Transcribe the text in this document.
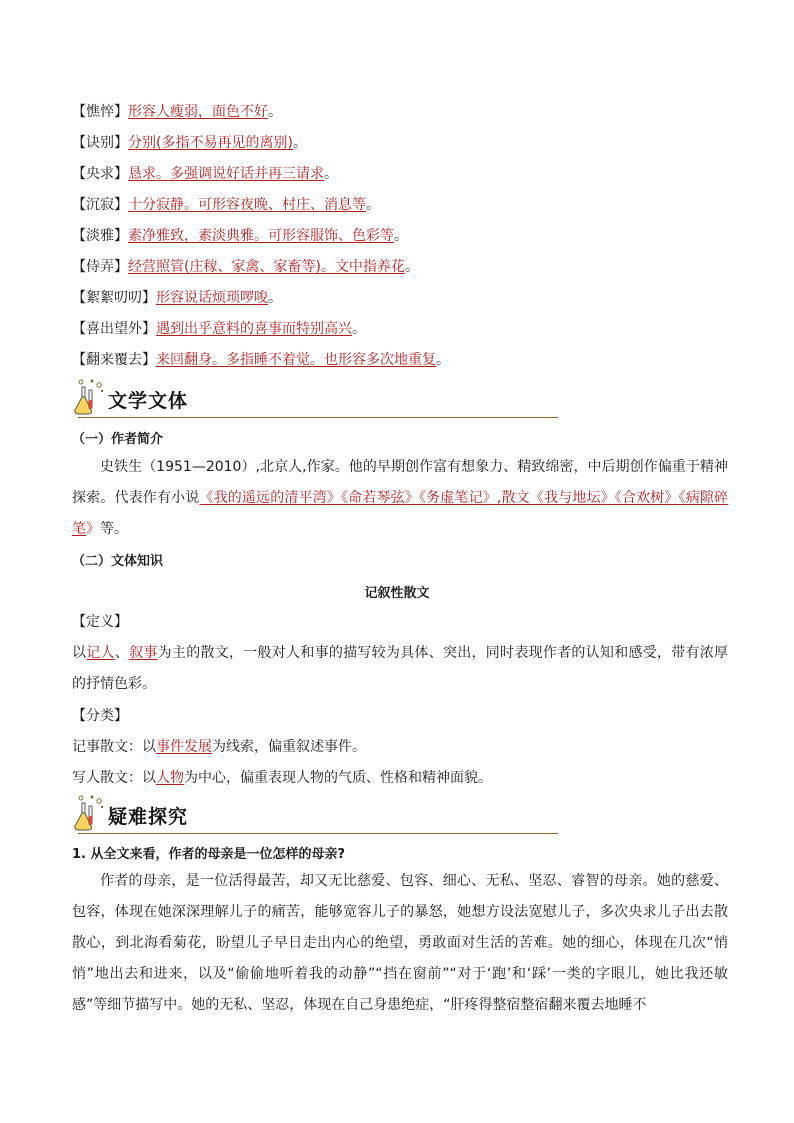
【憔悴】形容人瘦弱，面色不好。
【诀别】分别(多指不易再见的离别)。
【央求】恳求。多强调说好话并再三请求。
【沉寂】十分寂静。可形容夜晚、村庄、消息等。
【淡雅】素净雅致，素淡典雅。可形容服饰、色彩等。
【侍弄】经营照管(庄稼、家禽、家畜等)。文中指养花。
【絮絮叨叨】形容说话烦琐啰唆。
【喜出望外】遇到出乎意料的喜事而特别高兴。
【翻来覆去】来回翻身。多指睡不着觉。也形容多次地重复。
文学文体
（一）作者简介
史铁生（1951—2010）,北京人,作家。他的早期创作富有想象力、精致绵密，中后期创作偏重于精神探索。代表作有小说《我的遥远的清平湾》《命若琴弦》《务虚笔记》,散文《我与地坛》《合欢树》《病隙碎笔》等。
（二）文体知识
记叙性散文
【定义】
以记人、叙事为主的散文，一般对人和事的描写较为具体、突出，同时表现作者的认知和感受，带有浓厚的抒情色彩。
【分类】
记事散文：以事件发展为线索，偏重叙述事件。
写人散文：以人物为中心，偏重表现人物的气质、性格和精神面貌。
疑难探究
1. 从全文来看，作者的母亲是一位怎样的母亲?
作者的母亲，是一位活得最苦，却又无比慈爱、包容、细心、无私、坚忍、睿智的母亲。她的慈爱、包容，体现在她深深理解儿子的痛苦，能够宽容儿子的暴怒，她想方设法宽慰儿子，多次央求儿子出去散散心，到北海看菊花，盼望儿子早日走出内心的绝望，勇敢面对生活的苦难。她的细心，体现在几次“悄悄”地出去和进来，以及“偷偷地听着我的动静”“挡在窗前”“对于‘跑’和‘踩’一类的字眼儿，她比我还敏感”等细节描写中。她的无私、坚忍，体现在自己身患绝症，“肝疼得整宿整宿翻来覆去地睡不
